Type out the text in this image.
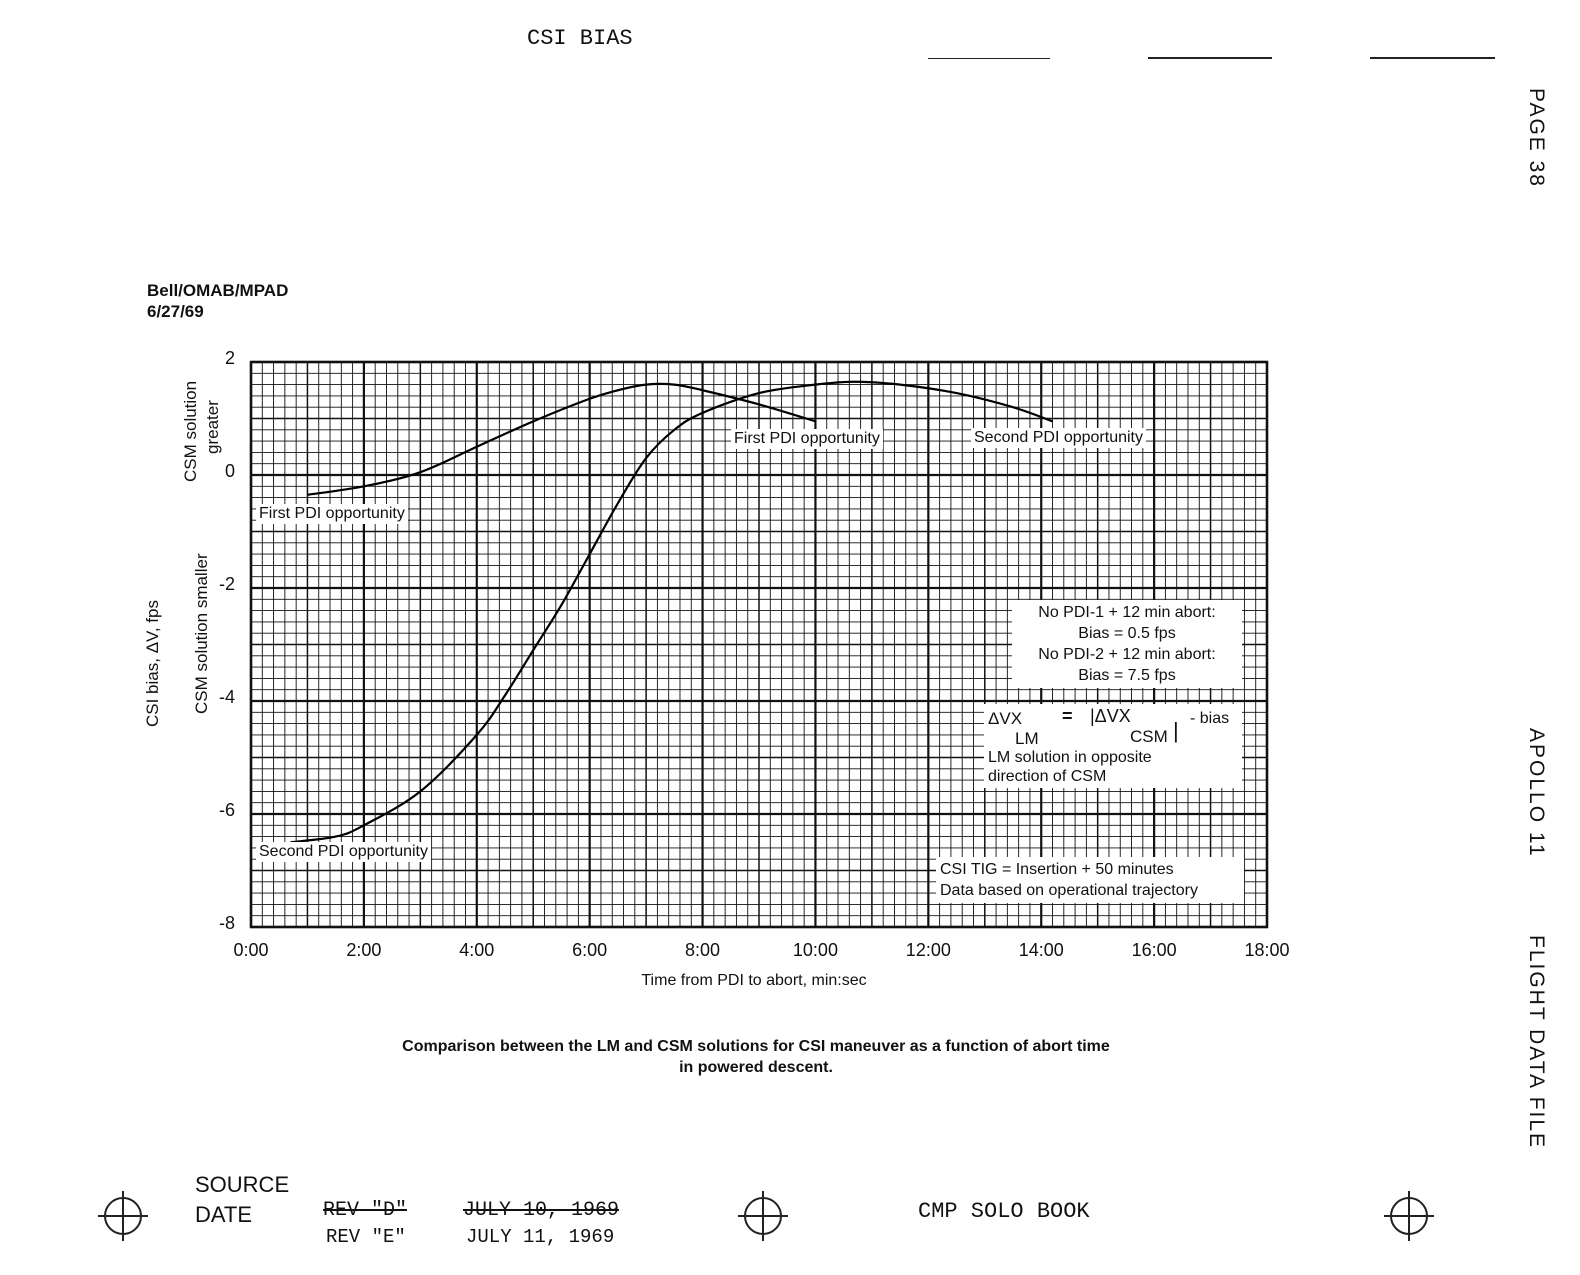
CSI BIAS
PAGE 38
APOLLO 11
FLIGHT DATA FILE
Bell/OMAB/MPAD
6/27/69
CSI bias, ΔV, fps CSM solution smaller
CSM solution greater
0:00	2:00	4:00	6:00	8:00	10:00	12:00	14:00	16:00	18:00
2
0
-2
-4
-6
-8
First PDI opportunity	Second PDI opportunity
First PDI opportunity
Second PDI opportunity
No PDI-1 + 12 min abort:
Bias = 0.5 fps
No PDI-2 + 12 min abort:
Bias = 7.5 fps
ΔVX
LM
= |ΔVX
CSM | - bias
LM solution in opposite
direction of CSM
CSI TIG = Insertion + 50 minutes
Data based on operational trajectory
Time from PDI to abort, min:sec
Comparison between the LM and CSM solutions for CSI maneuver as a function of abort time
in powered descent.
SOURCE
DATE	REV "D"	JULY 10, 1969
REV "E"	JULY 11, 1969
CMP SOLO BOOK
